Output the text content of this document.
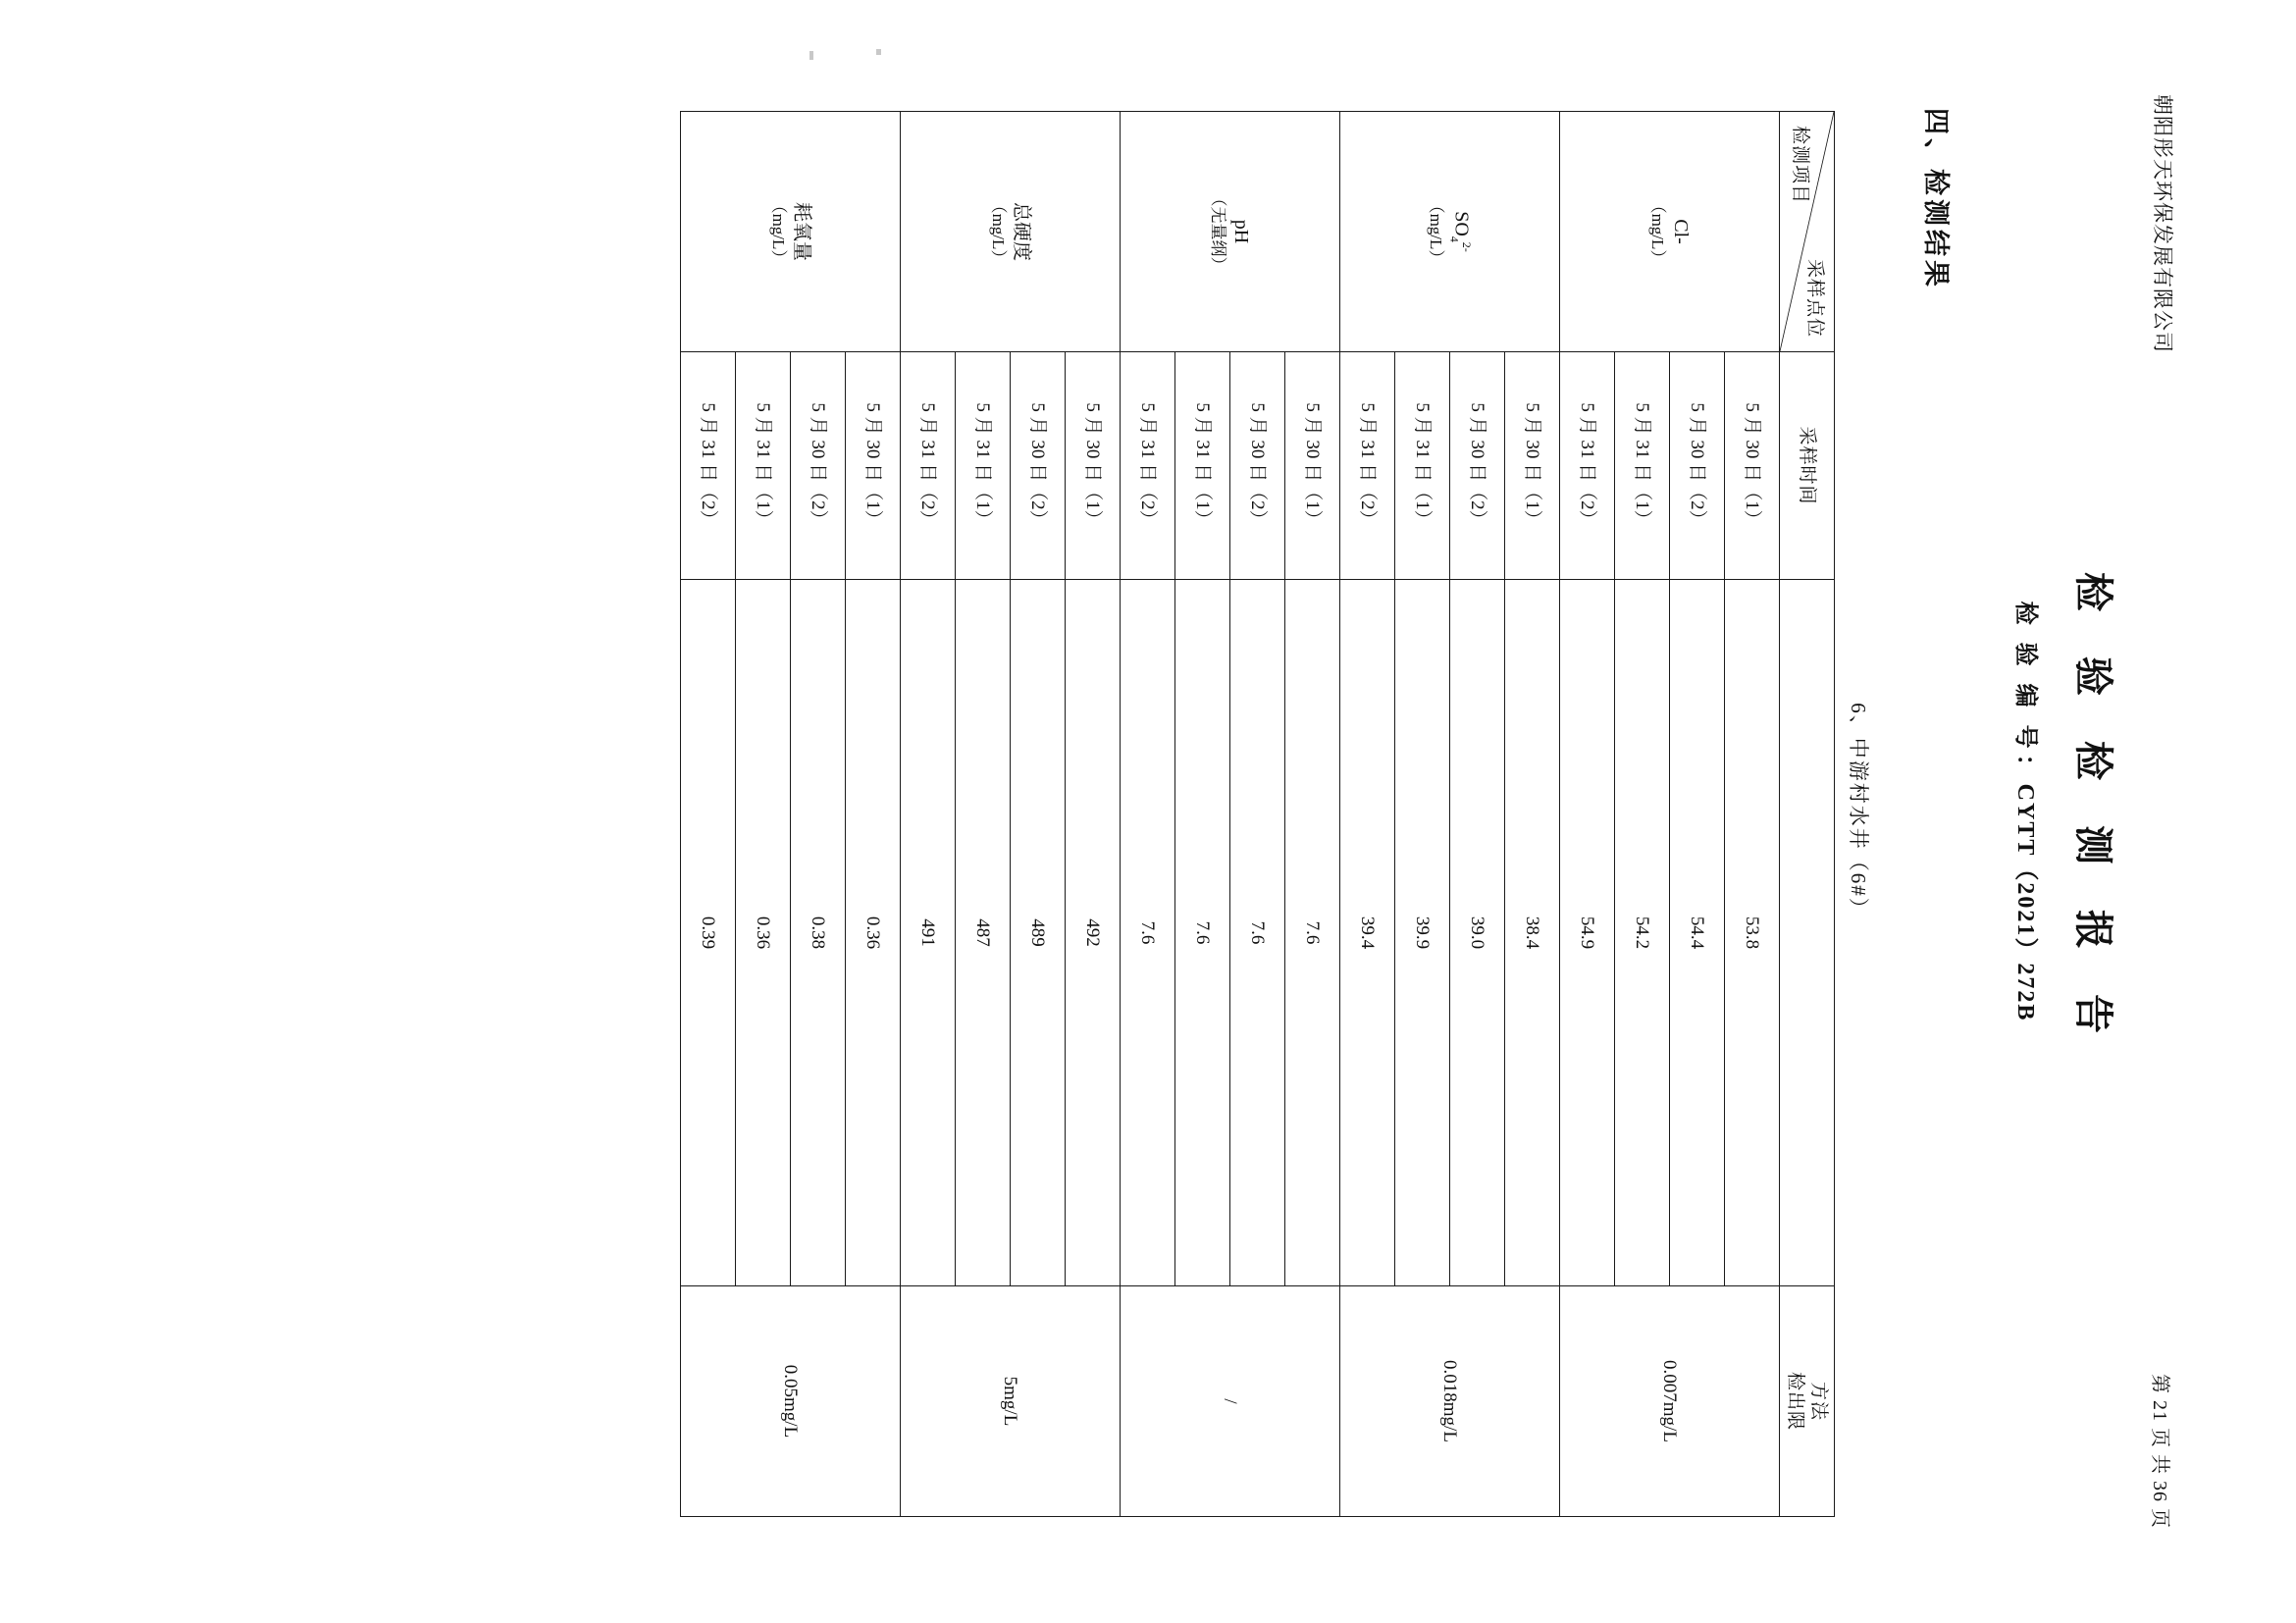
朝阳彤天环保发展有限公司
第 21 页 共 36 页
检 验 检 测 报 告
检 验 编 号：CYTT（2021）272B
四、检测结果
6、中游村水井（6#）
采样点位
检测项目	采样时间		方法
检出限

Cl-
（mg/L）	5 月 30 日（1）	53.8	0.007mg/L
	5 月 30 日（2）	54.4	
	5 月 31 日（1）	54.2	
	5 月 31 日（2）	54.9	

$SO_4^{2-}$
（mg/L）	5 月 30 日（1）	38.4	0.018mg/L
	5 月 30 日（2）	39.0	
	5 月 31 日（1）	39.9	
	5 月 31 日（2）	39.4	

pH
（无量纲）	5 月 30 日（1）	7.6	/
	5 月 30 日（2）	7.6	
	5 月 31 日（1）	7.6	
	5 月 31 日（2）	7.6	

总硬度
（mg/L）	5 月 30 日（1）	492	5mg/L
	5 月 30 日（2）	489	
	5 月 31 日（1）	487	
	5 月 31 日（2）	491	

耗氧量
（mg/L）	5 月 30 日（1）	0.36	0.05mg/L
	5 月 30 日（2）	0.38	
	5 月 31 日（1）	0.36	
	5 月 31 日（2）	0.39	
